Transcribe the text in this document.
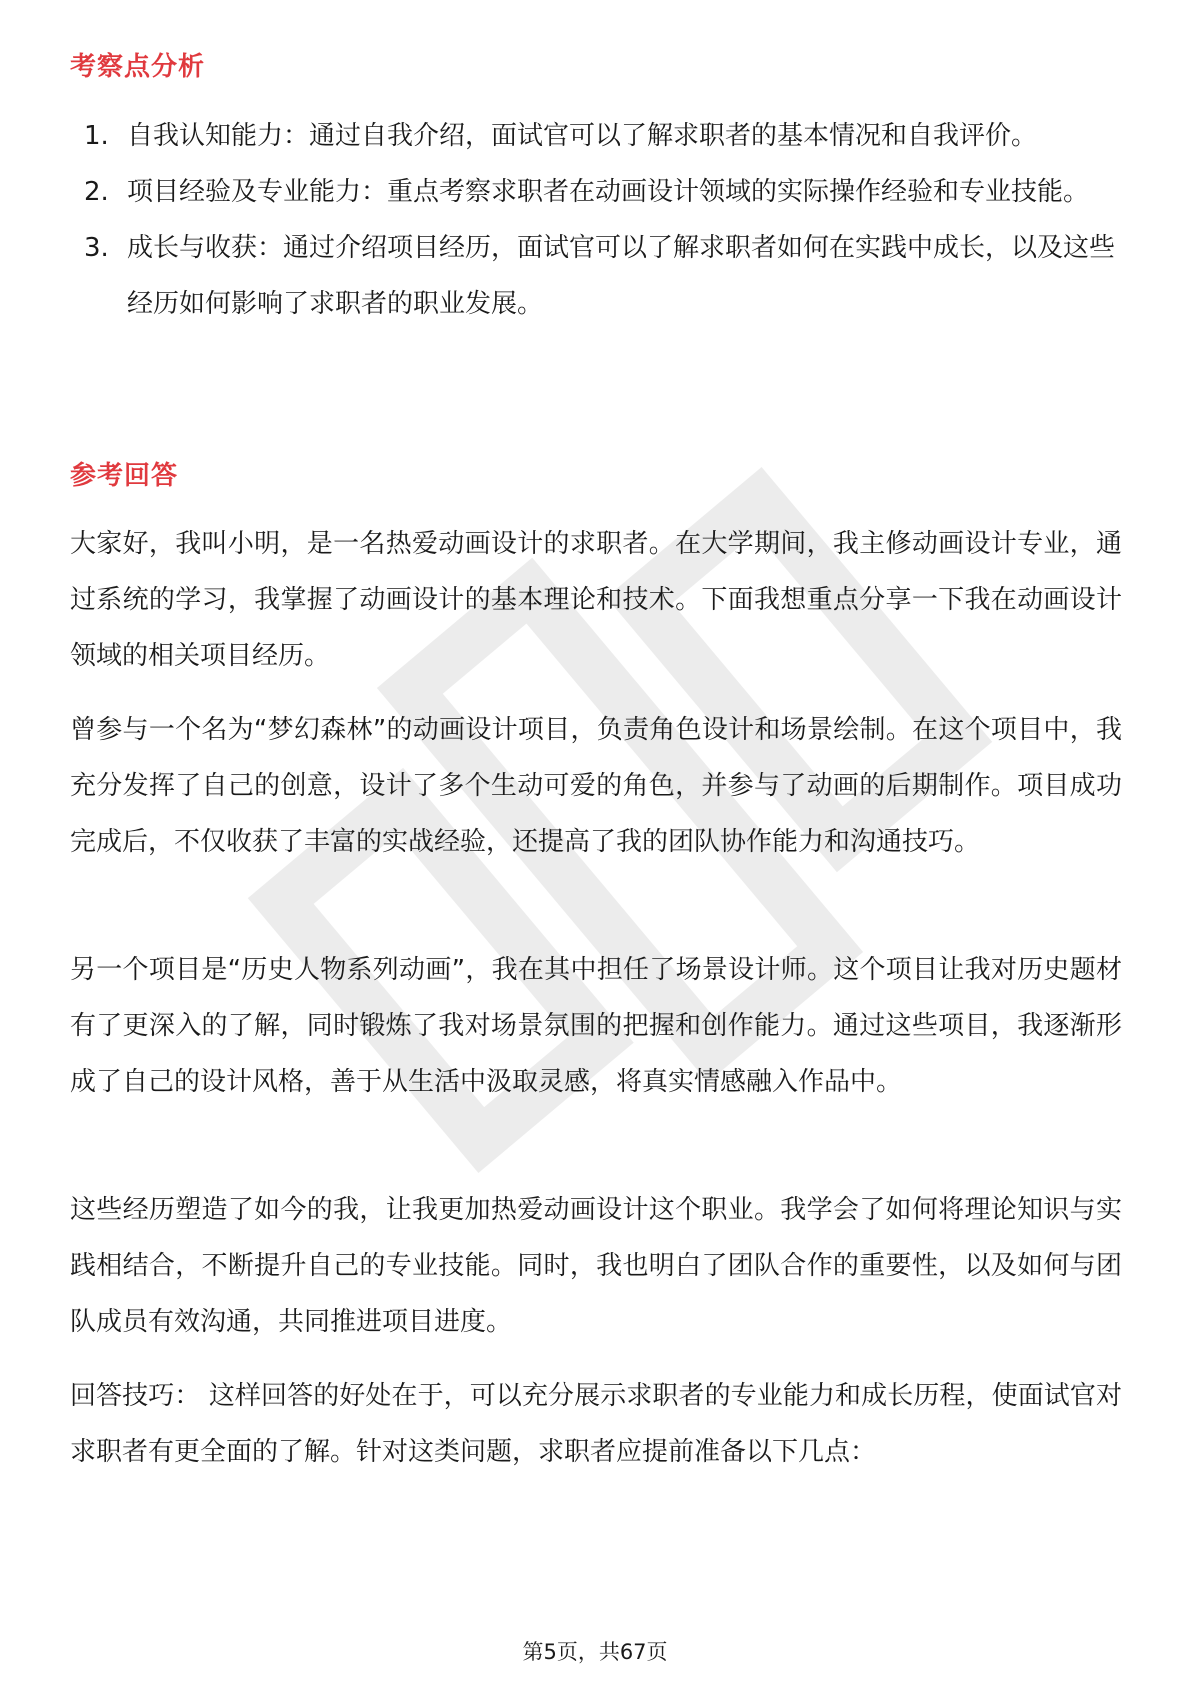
考察点分析
1. 自我认知能力：通过自我介绍，面试官可以了解求职者的基本情况和自我评价。
2. 项目经验及专业能力：重点考察求职者在动画设计领域的实际操作经验和专业技能。
3. 成长与收获：通过介绍项目经历，面试官可以了解求职者如何在实践中成长，以及这些经历如何影响了求职者的职业发展。
参考回答

大家好，我叫小明，是一名热爱动画设计的求职者。在大学期间，我主修动画设计专业，通过系统的学习，我掌握了动画设计的基本理论和技术。下面我想重点分享一下我在动画设计领域的相关项目经历。

曾参与一个名为“梦幻森林”的动画设计项目，负责角色设计和场景绘制。在这个项目中，我充分发挥了自己的创意，设计了多个生动可爱的角色，并参与了动画的后期制作。项目成功完成后，不仅收获了丰富的实战经验，还提高了我的团队协作能力和沟通技巧。

另一个项目是“历史人物系列动画”，我在其中担任了场景设计师。这个项目让我对历史题材有了更深入的了解，同时锻炼了我对场景氛围的把握和创作能力。通过这些项目，我逐渐形成了自己的设计风格，善于从生活中汲取灵感，将真实情感融入作品中。

这些经历塑造了如今的我，让我更加热爱动画设计这个职业。我学会了如何将理论知识与实践相结合，不断提升自己的专业技能。同时，我也明白了团队合作的重要性，以及如何与团队成员有效沟通，共同推进项目进度。

回答技巧： 这样回答的好处在于，可以充分展示求职者的专业能力和成长历程，使面试官对求职者有更全面的了解。针对这类问题，求职者应提前准备以下几点：

第5页，共67页
